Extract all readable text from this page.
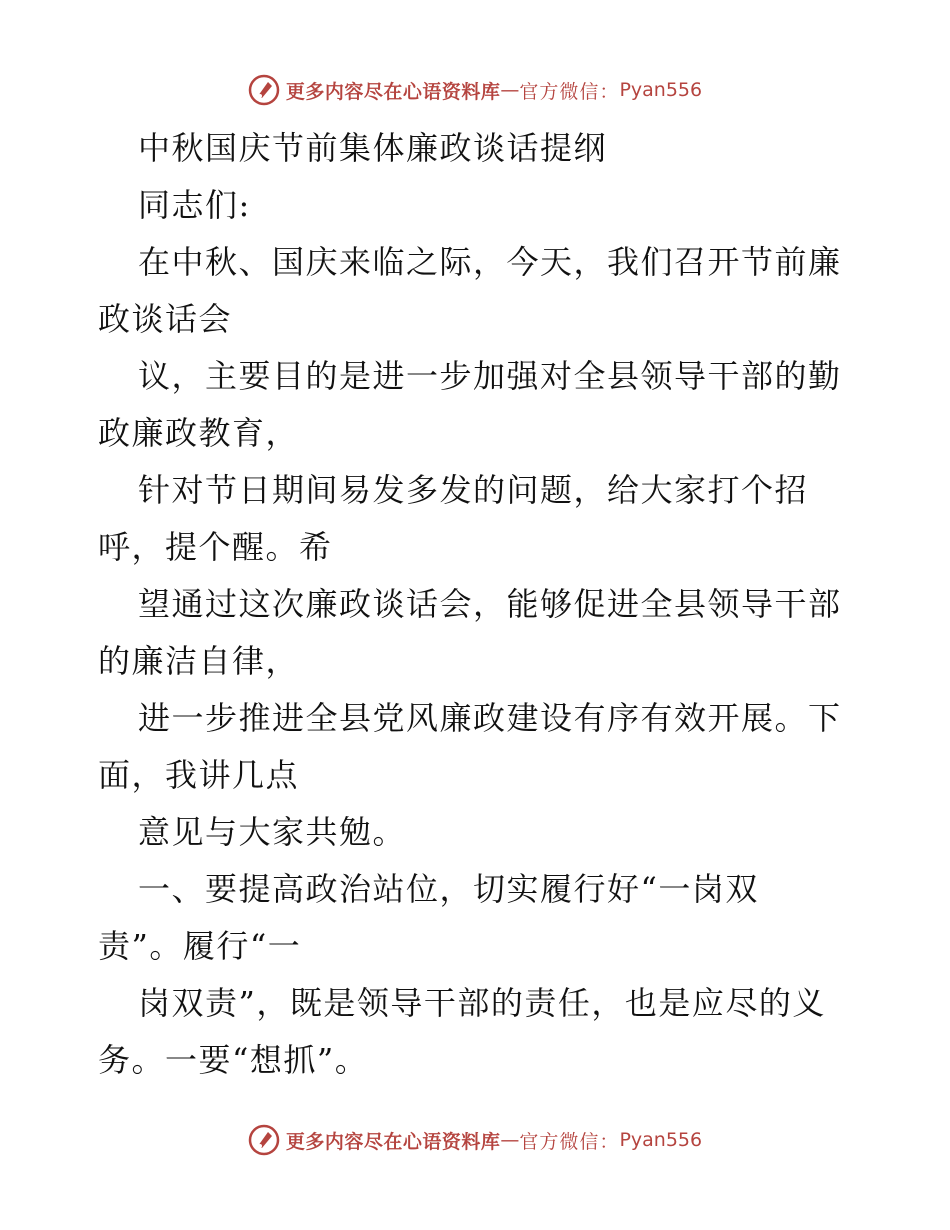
更多内容尽在心语资料库 — 官方微信： Pyan556
中秋国庆节前集体廉政谈话提纲
同志们:
在中秋、国庆来临之际，今天，我们召开节前廉
政谈话会
议，主要目的是进一步加强对全县领导干部的勤
政廉政教育，
针对节日期间易发多发的问题，给大家打个招
呼，提个醒。希
望通过这次廉政谈话会，能够促进全县领导干部
的廉洁自律，
进一步推进全县党风廉政建设有序有效开展。下
面，我讲几点
意见与大家共勉。
一、要提高政治站位，切实履行好“一岗双
责”。履行“一
岗双责”，既是领导干部的责任，也是应尽的义
务。一要“想抓”。
更多内容尽在心语资料库 — 官方微信： Pyan556
